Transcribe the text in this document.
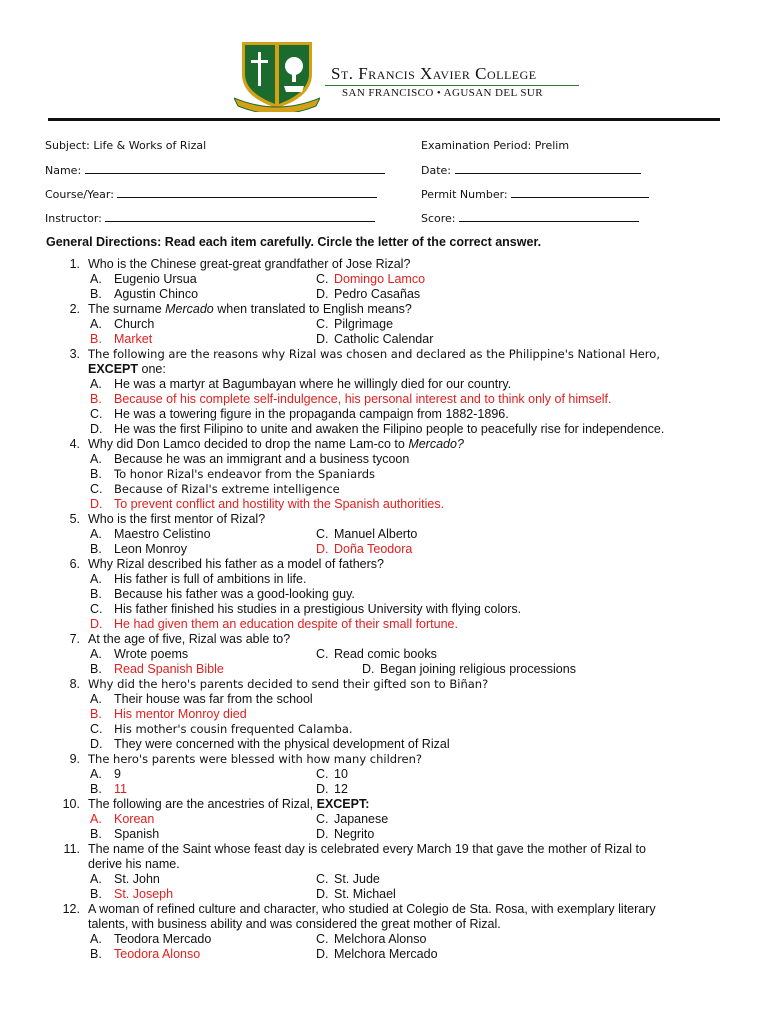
St. Francis Xavier College
SAN FRANCISCO • AGUSAN DEL SUR
Subject: Life & Works of Rizal	Examination Period: Prelim
Name:	Date:
Course/Year:	Permit Number:
Instructor:	Score:
General Directions: Read each item carefully. Circle the letter of the correct answer.
1. Who is the Chinese great-great grandfather of Jose Rizal?
A. Eugenio Ursua	C. Domingo Lamco
B. Agustin Chinco	D. Pedro Casañas
2. The surname Mercado when translated to English means?
A. Church	C. Pilgrimage
B. Market	D. Catholic Calendar
3. The following are the reasons why Rizal was chosen and declared as the Philippine's National Hero,
EXCEPT one:
A. He was a martyr at Bagumbayan where he willingly died for our country.
B. Because of his complete self-indulgence, his personal interest and to think only of himself.
C. He was a towering figure in the propaganda campaign from 1882-1896.
D. He was the first Filipino to unite and awaken the Filipino people to peacefully rise for independence.
4. Why did Don Lamco decided to drop the name Lam-co to Mercado?
A. Because he was an immigrant and a business tycoon
B. To honor Rizal's endeavor from the Spaniards
C. Because of Rizal's extreme intelligence
D. To prevent conflict and hostility with the Spanish authorities.
5. Who is the first mentor of Rizal?
A. Maestro Celistino	C. Manuel Alberto
B. Leon Monroy	D. Doña Teodora
6. Why Rizal described his father as a model of fathers?
A. His father is full of ambitions in life.
B. Because his father was a good-looking guy.
C. His father finished his studies in a prestigious University with flying colors.
D. He had given them an education despite of their small fortune.
7. At the age of five, Rizal was able to?
A. Wrote poems	C. Read comic books
B. Read Spanish Bible	D. Began joining religious processions
8. Why did the hero's parents decided to send their gifted son to Biñan?
A. Their house was far from the school
B. His mentor Monroy died
C. His mother's cousin frequented Calamba.
D. They were concerned with the physical development of Rizal
9. The hero's parents were blessed with how many children?
A. 9	C. 10
B. 11	D. 12
10. The following are the ancestries of Rizal, EXCEPT:
A. Korean	C. Japanese
B. Spanish	D. Negrito
11. The name of the Saint whose feast day is celebrated every March 19 that gave the mother of Rizal to
derive his name.
A. St. John	C. St. Jude
B. St. Joseph	D. St. Michael
12. A woman of refined culture and character, who studied at Colegio de Sta. Rosa, with exemplary literary
talents, with business ability and was considered the great mother of Rizal.
A. Teodora Mercado	C. Melchora Alonso
B. Teodora Alonso	D. Melchora Mercado
